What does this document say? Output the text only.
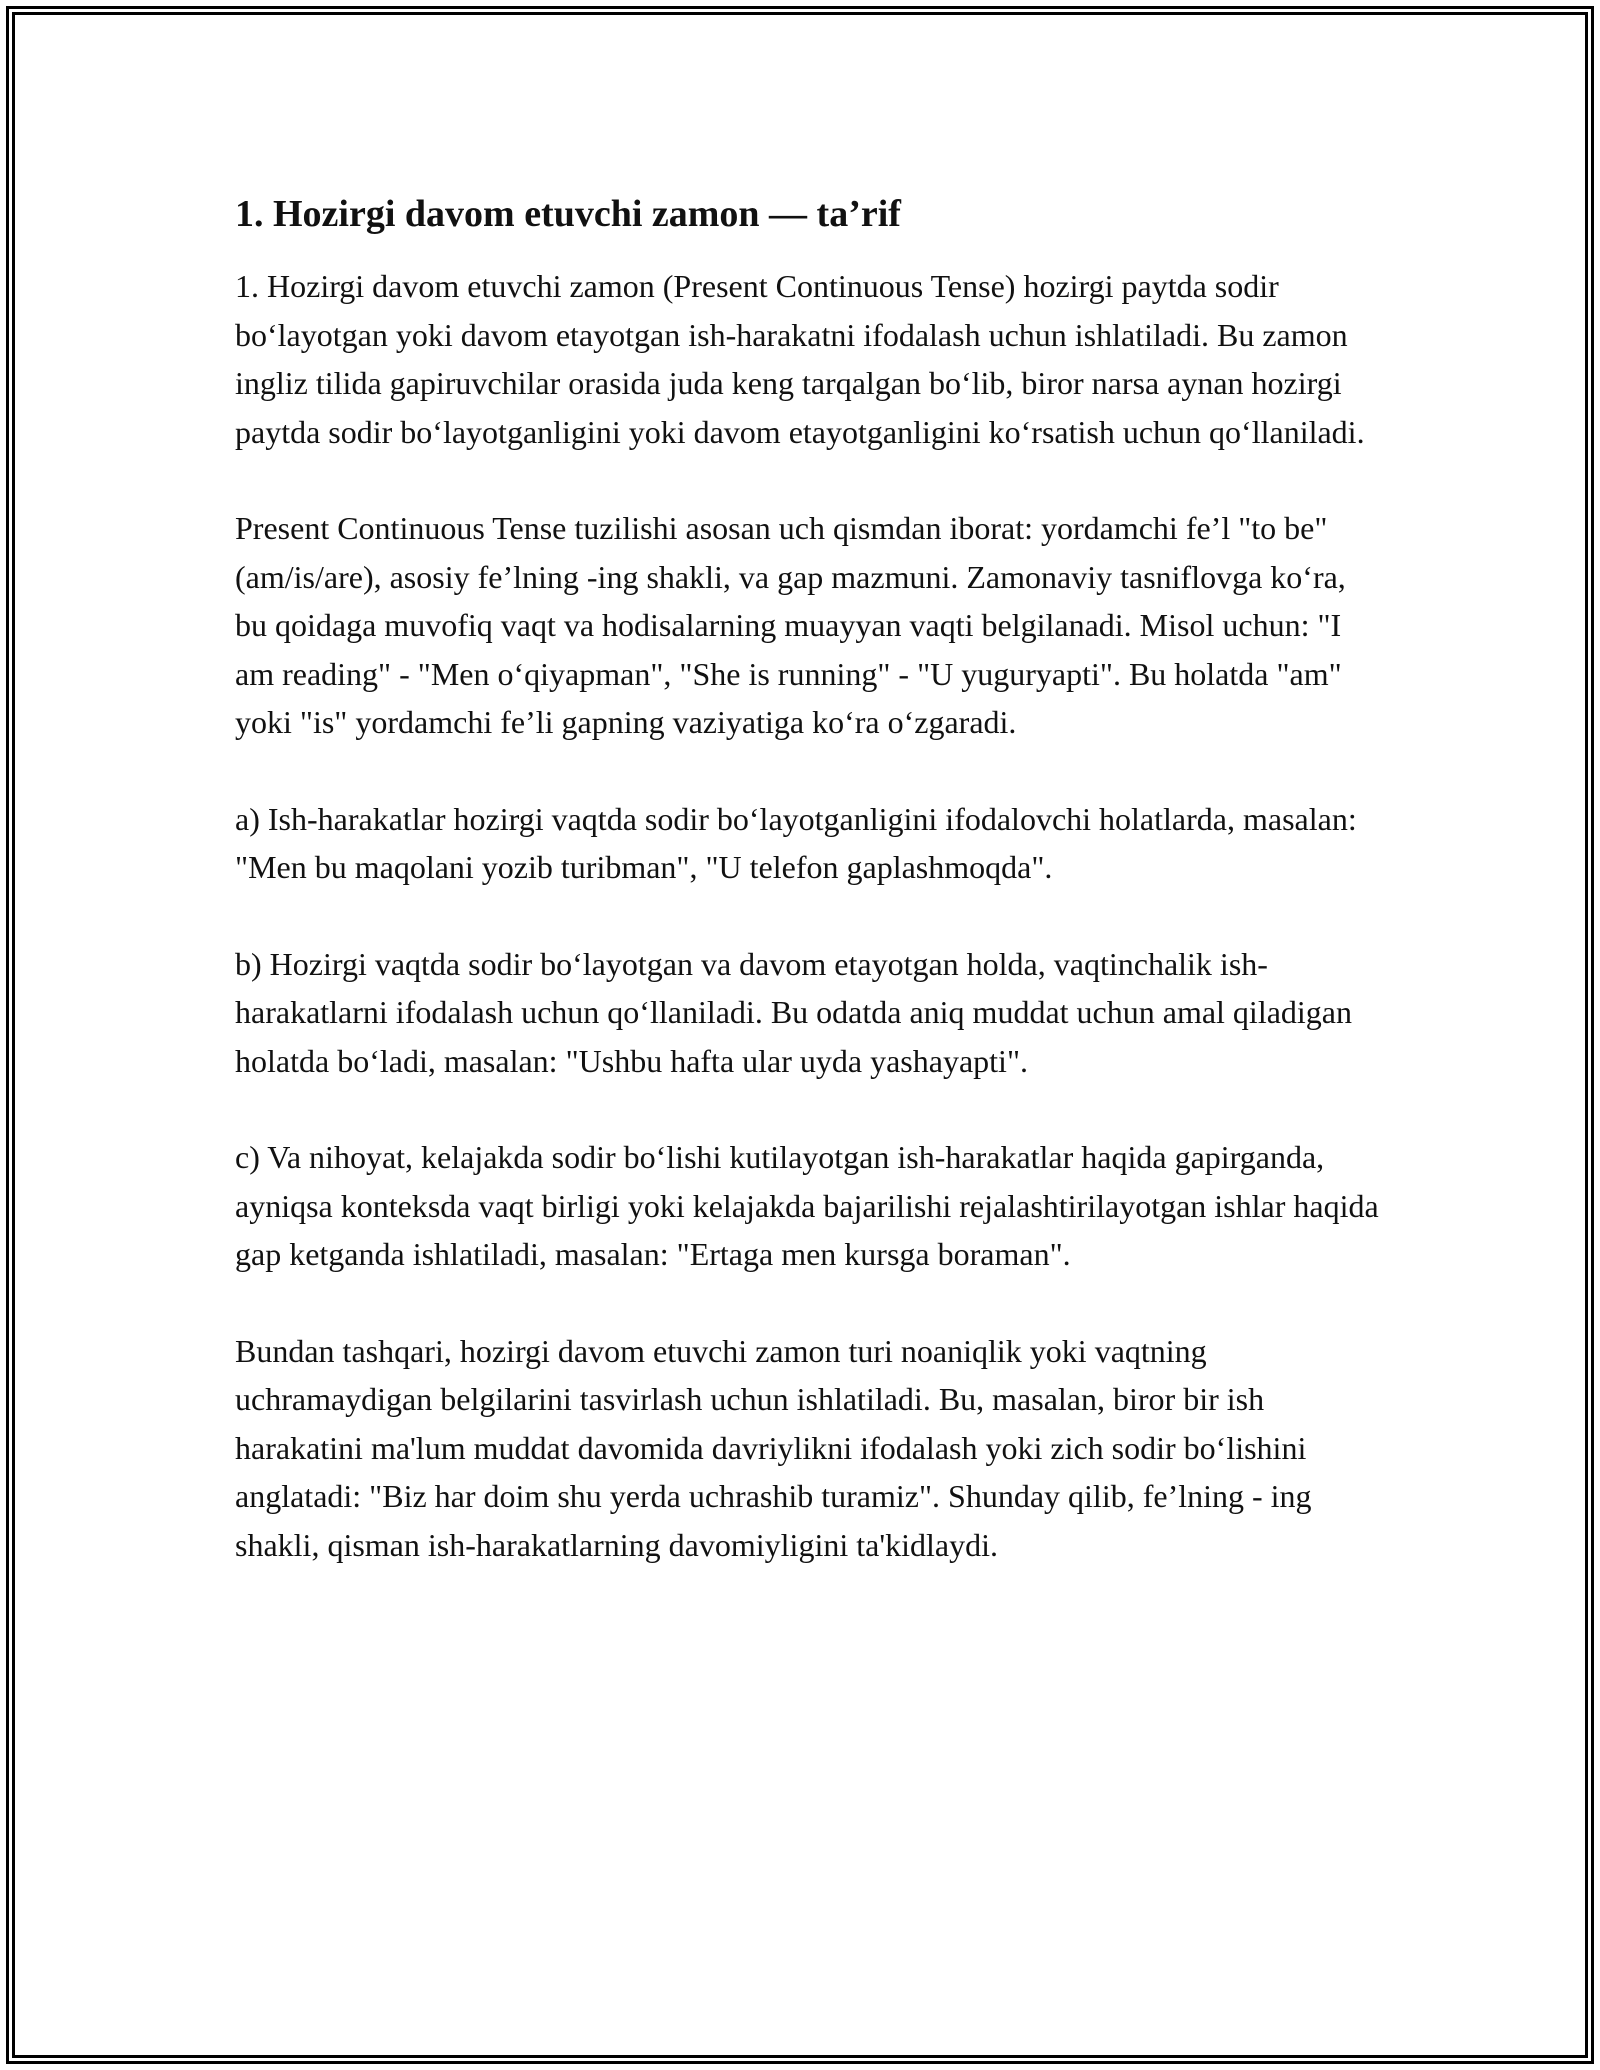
1. Hozirgi davom etuvchi zamon — ta’rif

1. Hozirgi davom etuvchi zamon (Present Continuous Tense) hozirgi paytda sodir bo‘layotgan yoki davom etayotgan ish-harakatni ifodalash uchun ishlatiladi. Bu zamon ingliz tilida gapiruvchilar orasida juda keng tarqalgan bo‘lib, biror narsa aynan hozirgi paytda sodir bo‘layotganligini yoki davom etayotganligini ko‘rsatish uchun qo‘llaniladi.

Present Continuous Tense tuzilishi asosan uch qismdan iborat: yordamchi fe’l "to be" (am/is/are), asosiy fe’lning -ing shakli, va gap mazmuni. Zamonaviy tasniflovga ko‘ra, bu qoidaga muvofiq vaqt va hodisalarning muayyan vaqti belgilanadi. Misol uchun: "I am reading" - "Men o‘qiyapman", "She is running" - "U yuguryapti". Bu holatda "am" yoki "is" yordamchi fe’li gapning vaziyatiga ko‘ra o‘zgaradi.

a) Ish-harakatlar hozirgi vaqtda sodir bo‘layotganligini ifodalovchi holatlarda, masalan: "Men bu maqolani yozib turibman", "U telefon gaplashmoqda".

b) Hozirgi vaqtda sodir bo‘layotgan va davom etayotgan holda, vaqtinchalik ish-harakatlarni ifodalash uchun qo‘llaniladi. Bu odatda aniq muddat uchun amal qiladigan holatda bo‘ladi, masalan: "Ushbu hafta ular uyda yashayapti".

c) Va nihoyat, kelajakda sodir bo‘lishi kutilayotgan ish-harakatlar haqida gapirganda, ayniqsa konteksda vaqt birligi yoki kelajakda bajarilishi rejalashtirilayotgan ishlar haqida gap ketganda ishlatiladi, masalan: "Ertaga men kursga boraman".

Bundan tashqari, hozirgi davom etuvchi zamon turi noaniqlik yoki vaqtning uchramaydigan belgilarini tasvirlash uchun ishlatiladi. Bu, masalan, biror bir ish harakatini ma'lum muddat davomida davriylikni ifodalash yoki zich sodir bo‘lishini anglatadi: "Biz har doim shu yerda uchrashib turamiz". Shunday qilib, fe’lning - ing shakli, qisman ish-harakatlarning davomiyligini ta'kidlaydi.
